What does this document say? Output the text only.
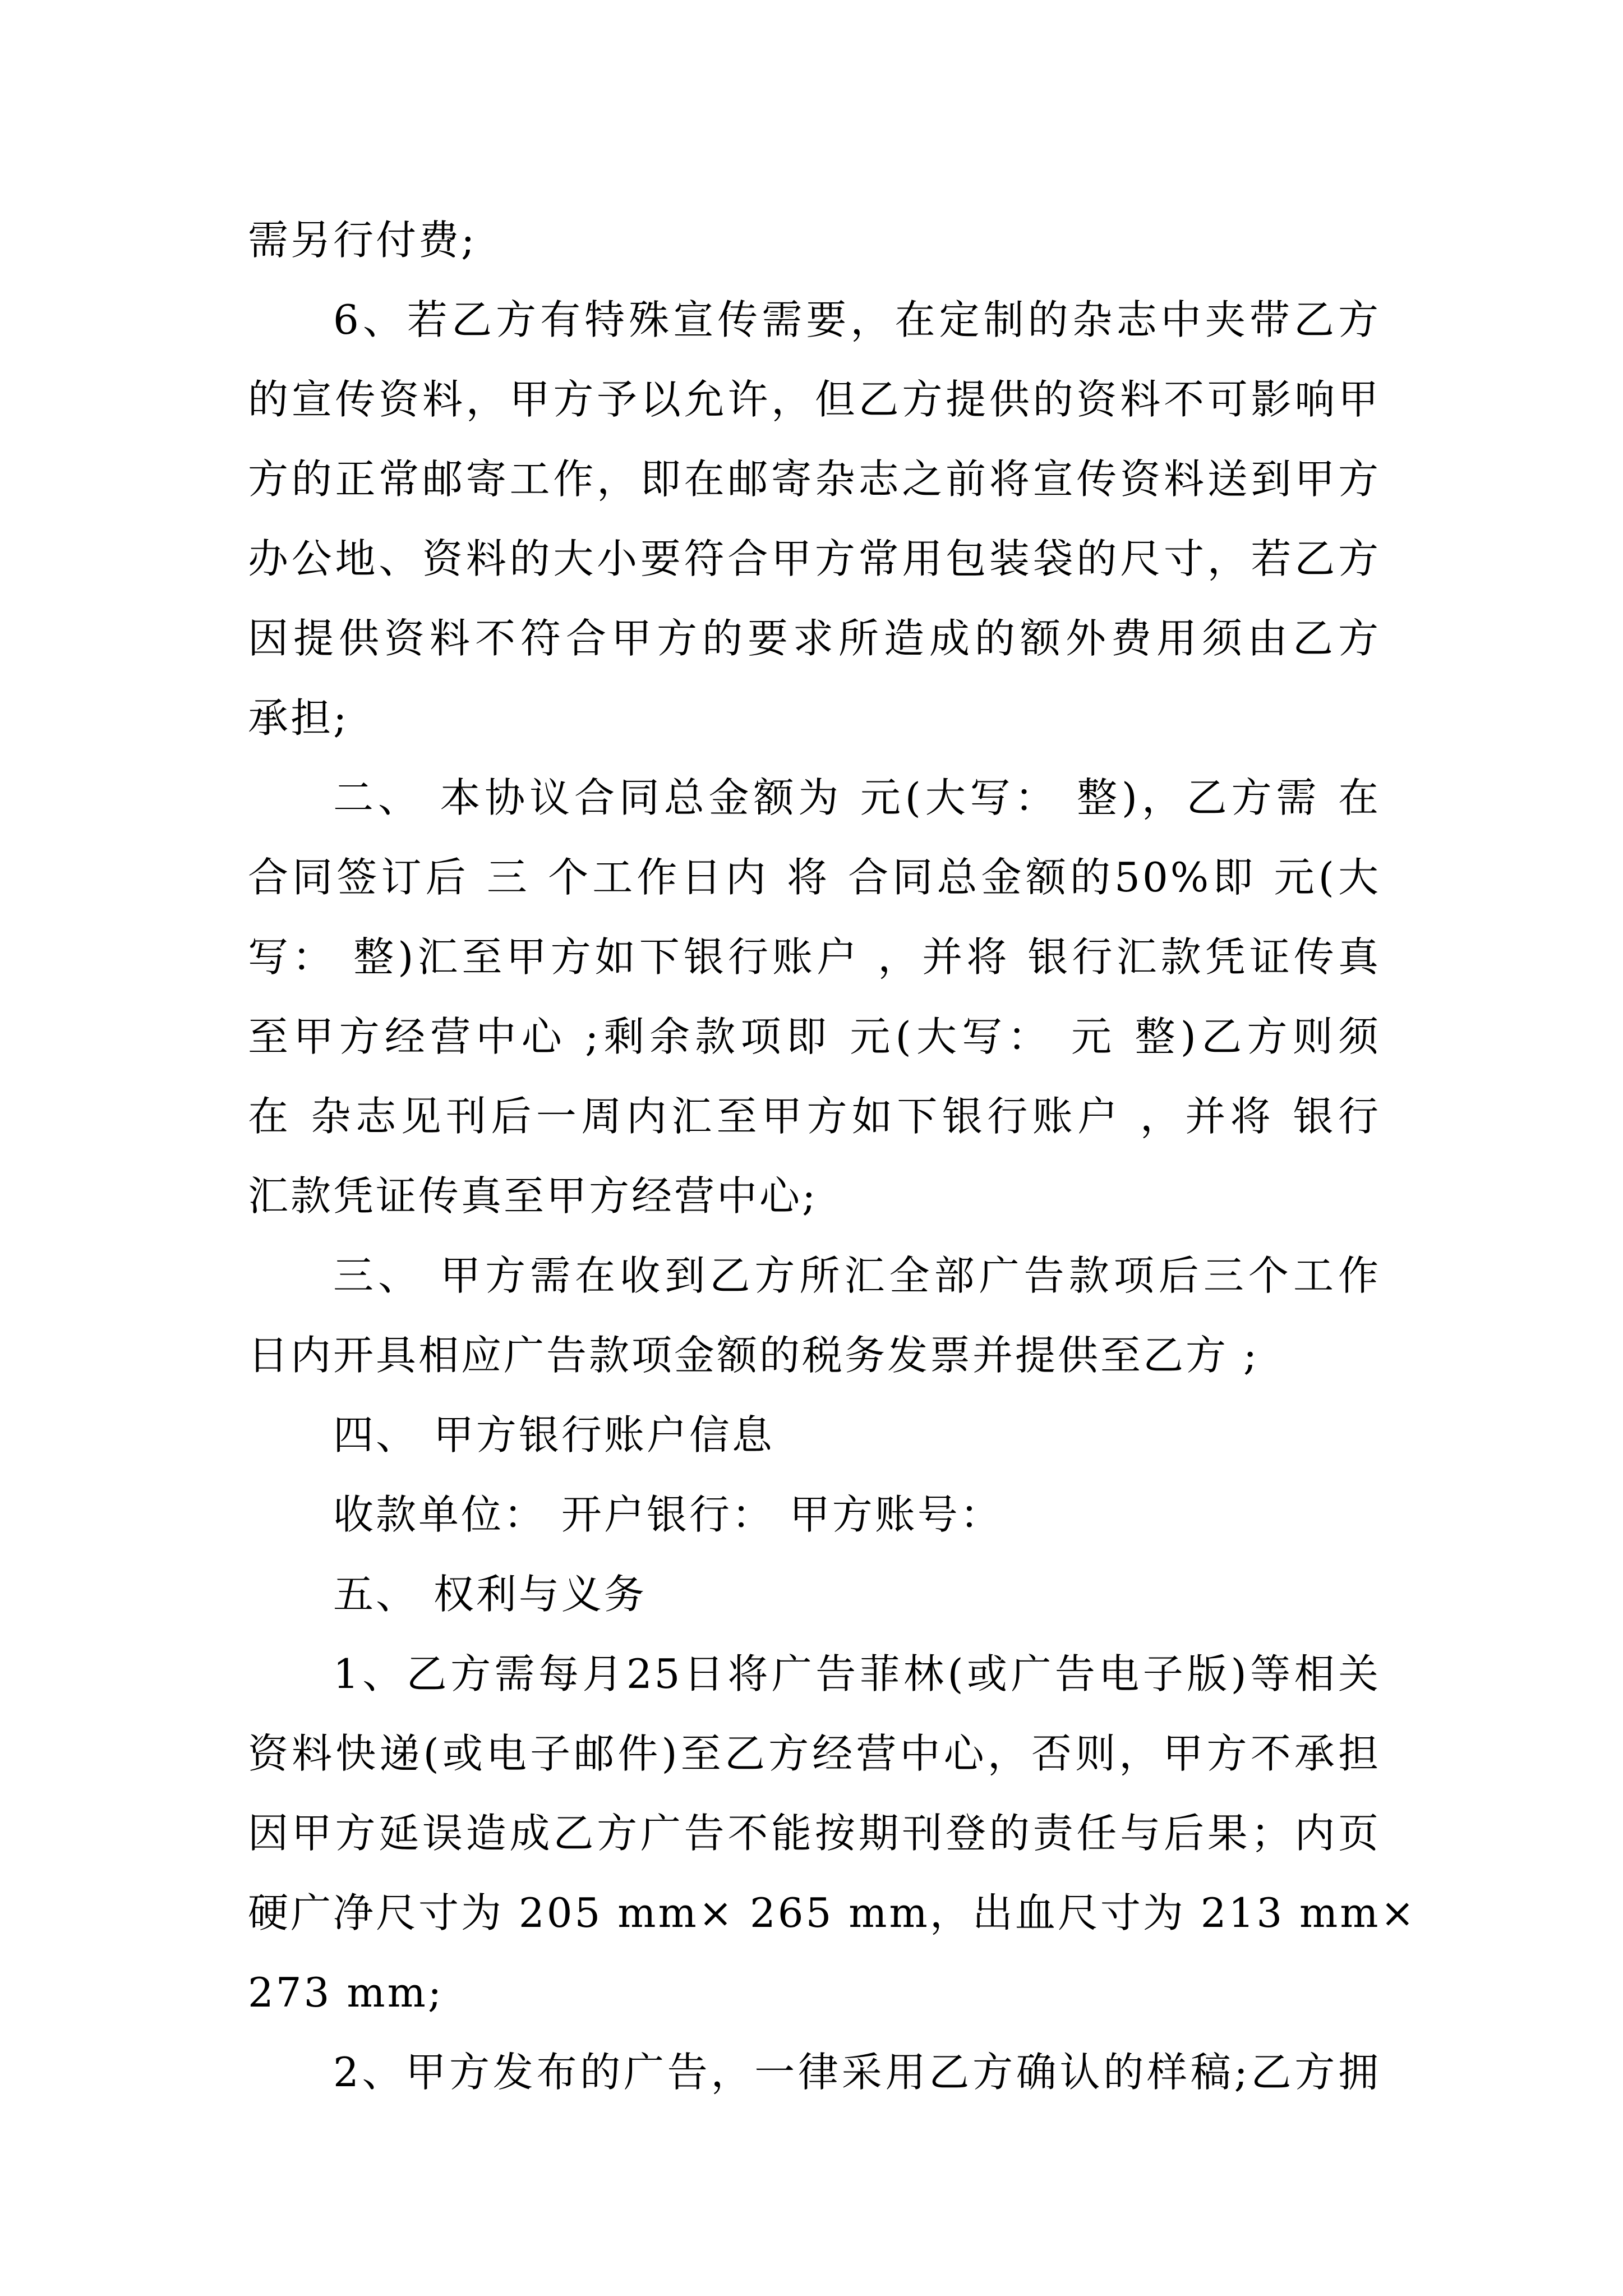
需另行付费;
6、若乙方有特殊宣传需要，在定制的杂志中夹带乙方
的宣传资料，甲方予以允许，但乙方提供的资料不可影响甲
方的正常邮寄工作，即在邮寄杂志之前将宣传资料送到甲方
办公地、资料的大小要符合甲方常用包装袋的尺寸，若乙方
因提供资料不符合甲方的要求所造成的额外费用须由乙方
承担;
二、 本协议合同总金额为 元(大写： 整)，乙方需 在
合同签订后 三 个工作日内 将 合同总金额的50%即 元(大
写： 整)汇至甲方如下银行账户 ，并将 银行汇款凭证传真
至甲方经营中心 ;剩余款项即 元(大写： 元 整)乙方则须
在 杂志见刊后一周内汇至甲方如下银行账户 ，并将 银行
汇款凭证传真至甲方经营中心;
三、 甲方需在收到乙方所汇全部广告款项后三个工作
日内开具相应广告款项金额的税务发票并提供至乙方 ;
四、 甲方银行账户信息
收款单位： 开户银行： 甲方账号：
五、 权利与义务
1、乙方需每月25日将广告菲林(或广告电子版)等相关
资料快递(或电子邮件)至乙方经营中心，否则，甲方不承担
因甲方延误造成乙方广告不能按期刊登的责任与后果；内页
硬广净尺寸为 205 mm× 265 mm，出血尺寸为 213 mm×
273 mm;
2、甲方发布的广告，一律采用乙方确认的样稿;乙方拥
